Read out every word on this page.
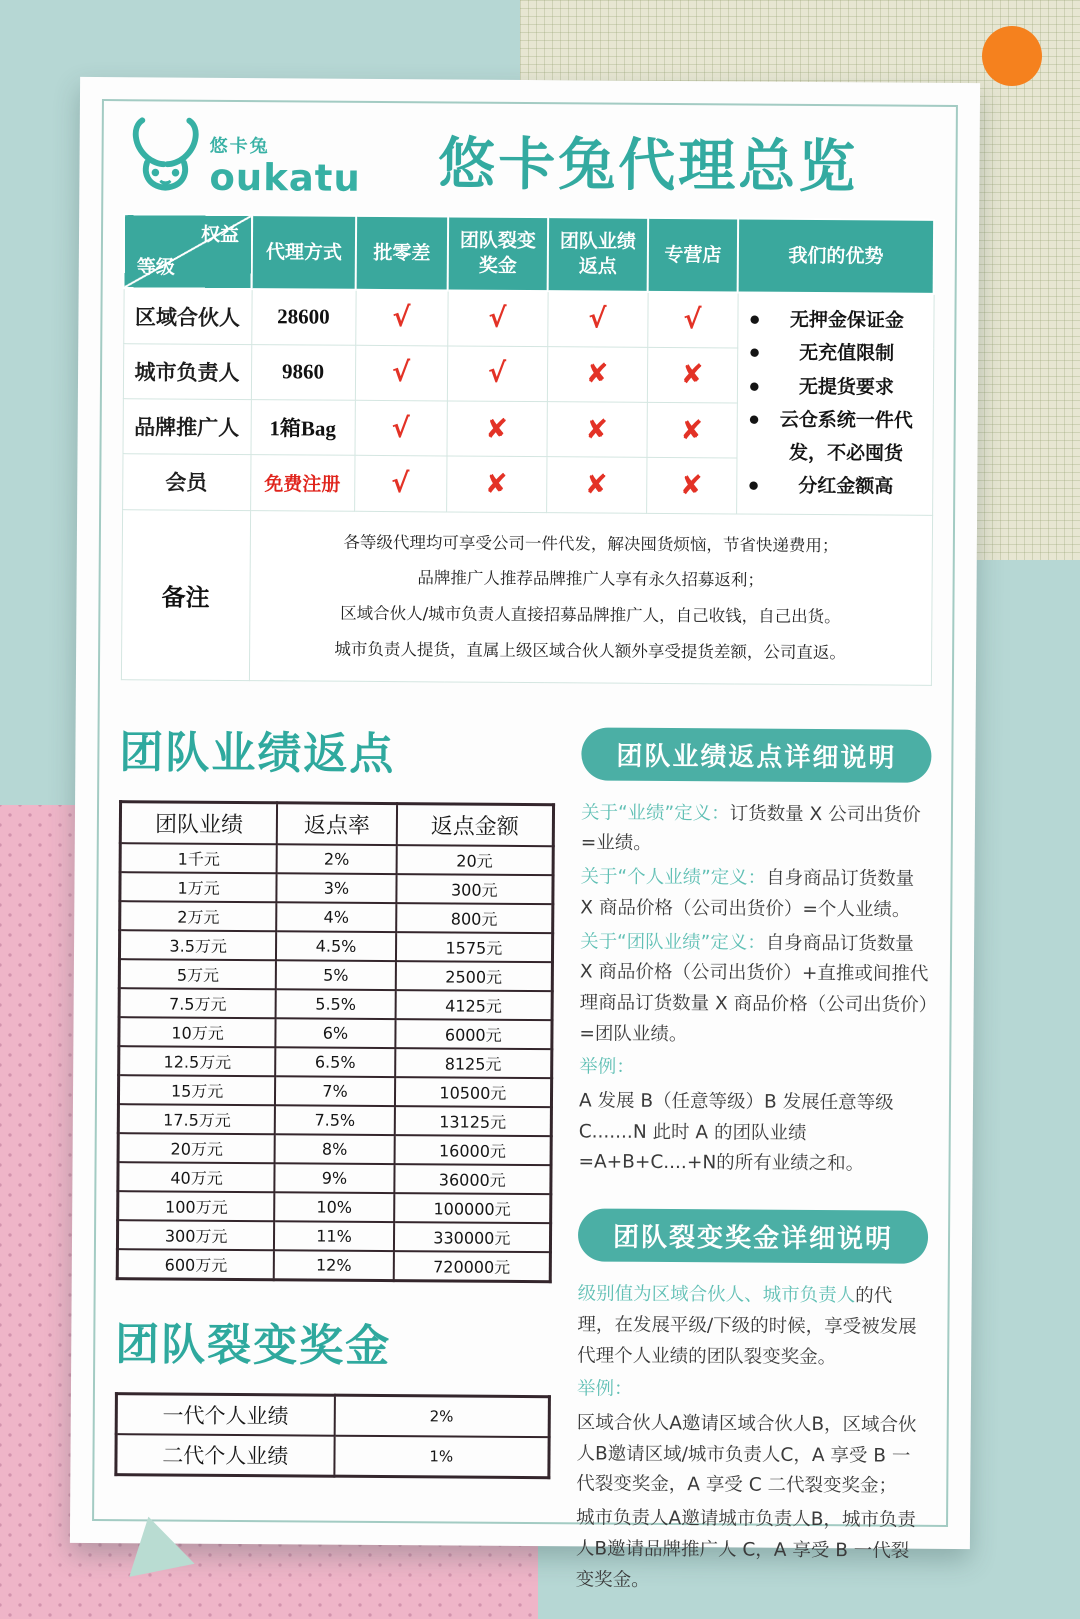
悠卡兔
oukatu	悠卡兔代理总览
权益
等级	代理方式	批零差	团队裂变奖金	团队业绩返点	专营店	我们的优势
区域合伙人	28600	√	√	√	√	
●无押金保证金
● 无充值限制
● 无提货要求
● 云仓系统一件代发，不必囤货
● 分红金额高

城市负责人	9860	√	√	✘	✘	
品牌推广人	1箱Bag	√	✘	✘	✘	
会员	免费注册	√	✘	✘	✘	
备注	各等级代理均可享受公司一件代发，解决囤货烦恼，节省快递费用；

品牌推广人推荐品牌推广人享有永久招募返利；

区域合伙人/城市负责人直接招募品牌推广人，自己收钱，自己出货。

城市负责人提货，直属上级区域合伙人额外享受提货差额，公司直返。					

团队业绩返点
团队业绩	返点率	返点金额
1千元	2%	20元
1万元	3%	300元
2万元	4%	800元
3.5万元	4.5%	1575元
5万元	5%	2500元
7.5万元	5.5%	4125元
10万元	6%	6000元
12.5万元	6.5%	8125元
15万元	7%	10500元
17.5万元	7.5%	13125元
20万元	8%	16000元
40万元	9%	36000元
100万元	10%	100000元
300万元	11%	330000元
600万元	12%	720000元
团队裂变奖金
一代个人业绩	2%
二代个人业绩	1%
团队业绩返点详细说明

关于“业绩”定义：订货数量 X 公司出货价=业绩。

关于“个人业绩”定义：自身商品订货数量 X 商品价格（公司出货价）=个人业绩。

关于“团队业绩”定义：自身商品订货数量 X 商品价格（公司出货价）+直推或间推代理商品订货数量 X 商品价格（公司出货价）=团队业绩。

举例：

A 发展 B（任意等级）B 发展任意等级 C.......N 此时 A 的团队业绩=A+B+C....+N的所有业绩之和。

团队裂变奖金详细说明

级别值为区域合伙人、城市负责人的代理，在发展平级/下级的时候，享受被发展代理个人业绩的团队裂变奖金。

举例：

区域合伙人A邀请区域合伙人B，区域合伙人B邀请区域/城市负责人C，A 享受 B 一代裂变奖金，A 享受 C 二代裂变奖金；

城市负责人A邀请城市负责人B，城市负责人B邀请品牌推广人 C，A 享受 B 一代裂变奖金。
